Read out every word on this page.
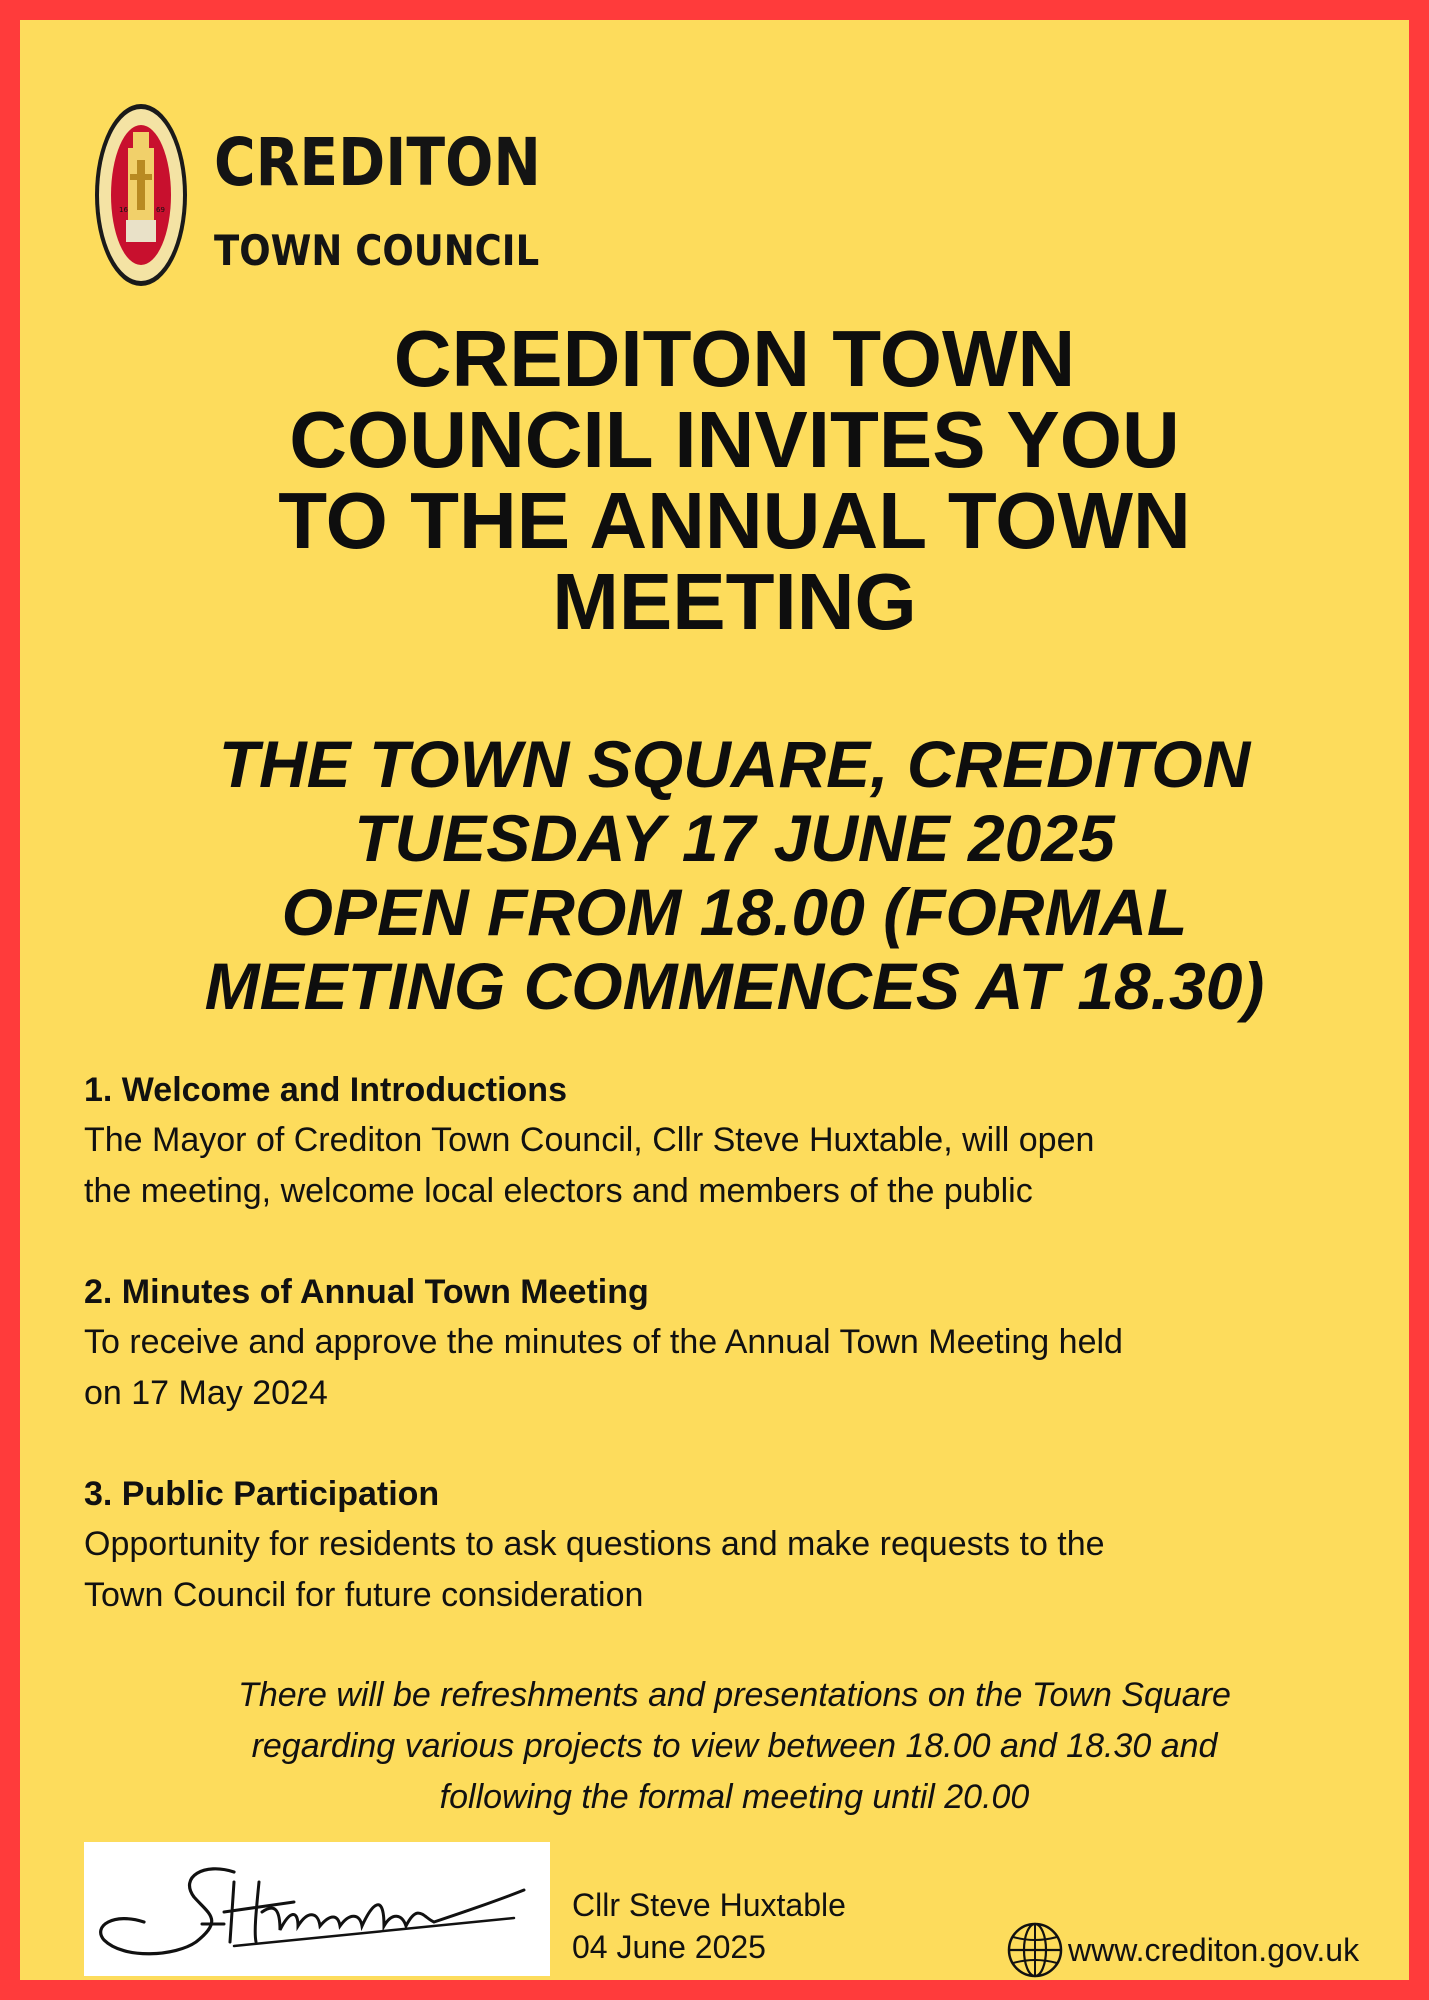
16	69
CREDITON
TOWN COUNCIL
CREDITON TOWN
COUNCIL INVITES YOU
TO THE ANNUAL TOWN
MEETING
THE TOWN SQUARE, CREDITON
TUESDAY 17 JUNE 2025
OPEN FROM 18.00 (FORMAL
MEETING COMMENCES AT 18.30)
1. Welcome and Introductions
The Mayor of Crediton Town Council, Cllr Steve Huxtable, will open
the meeting, welcome local electors and members of the public
2. Minutes of Annual Town Meeting
To receive and approve the minutes of the Annual Town Meeting held
on 17 May 2024
3. Public Participation
Opportunity for residents to ask questions and make requests to the
Town Council for future consideration
There will be refreshments and presentations on the Town Square
regarding various projects to view between 18.00 and 18.30 and
following the formal meeting until 20.00
Cllr Steve Huxtable
04 June 2025	www.crediton.gov.uk
